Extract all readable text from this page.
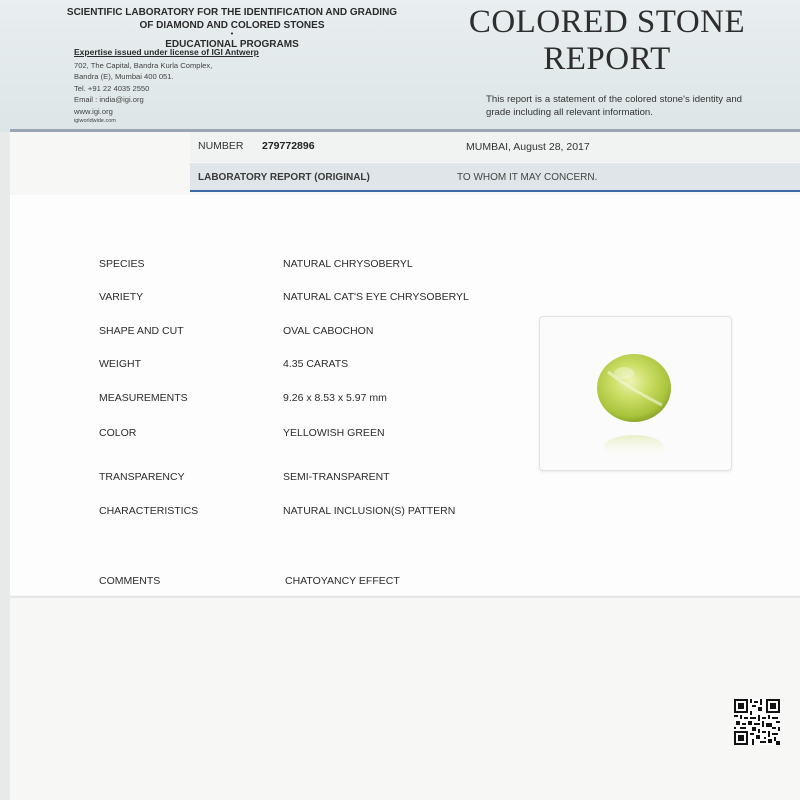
SCIENTIFIC LABORATORY FOR THE IDENTIFICATION AND GRADING
OF DIAMOND AND COLORED STONES
•
EDUCATIONAL PROGRAMS
Expertise issued under license of IGI Antwerp
702, The Capital, Bandra Kurla Complex,
Bandra (E), Mumbai 400 051.
Tel. +91 22 4035 2550
Email : india@igi.org
www.igi.org
igiworldwide.com
COLORED STONE
REPORT
This report is a statement of the colored stone's identity and grade including all relevant information.
NUMBER 279772896	MUMBAI, August 28, 2017
LABORATORY REPORT (ORIGINAL)	TO WHOM IT MAY CONCERN.
SPECIES	NATURAL CHRYSOBERYL
VARIETY	NATURAL CAT'S EYE CHRYSOBERYL
SHAPE AND CUT	OVAL CABOCHON
WEIGHT	4.35 CARATS
MEASUREMENTS	9.26 x 8.53 x 5.97 mm
COLOR	YELLOWISH GREEN
TRANSPARENCY	SEMI-TRANSPARENT
CHARACTERISTICS	NATURAL INCLUSION(S) PATTERN
COMMENTS	CHATOYANCY EFFECT
